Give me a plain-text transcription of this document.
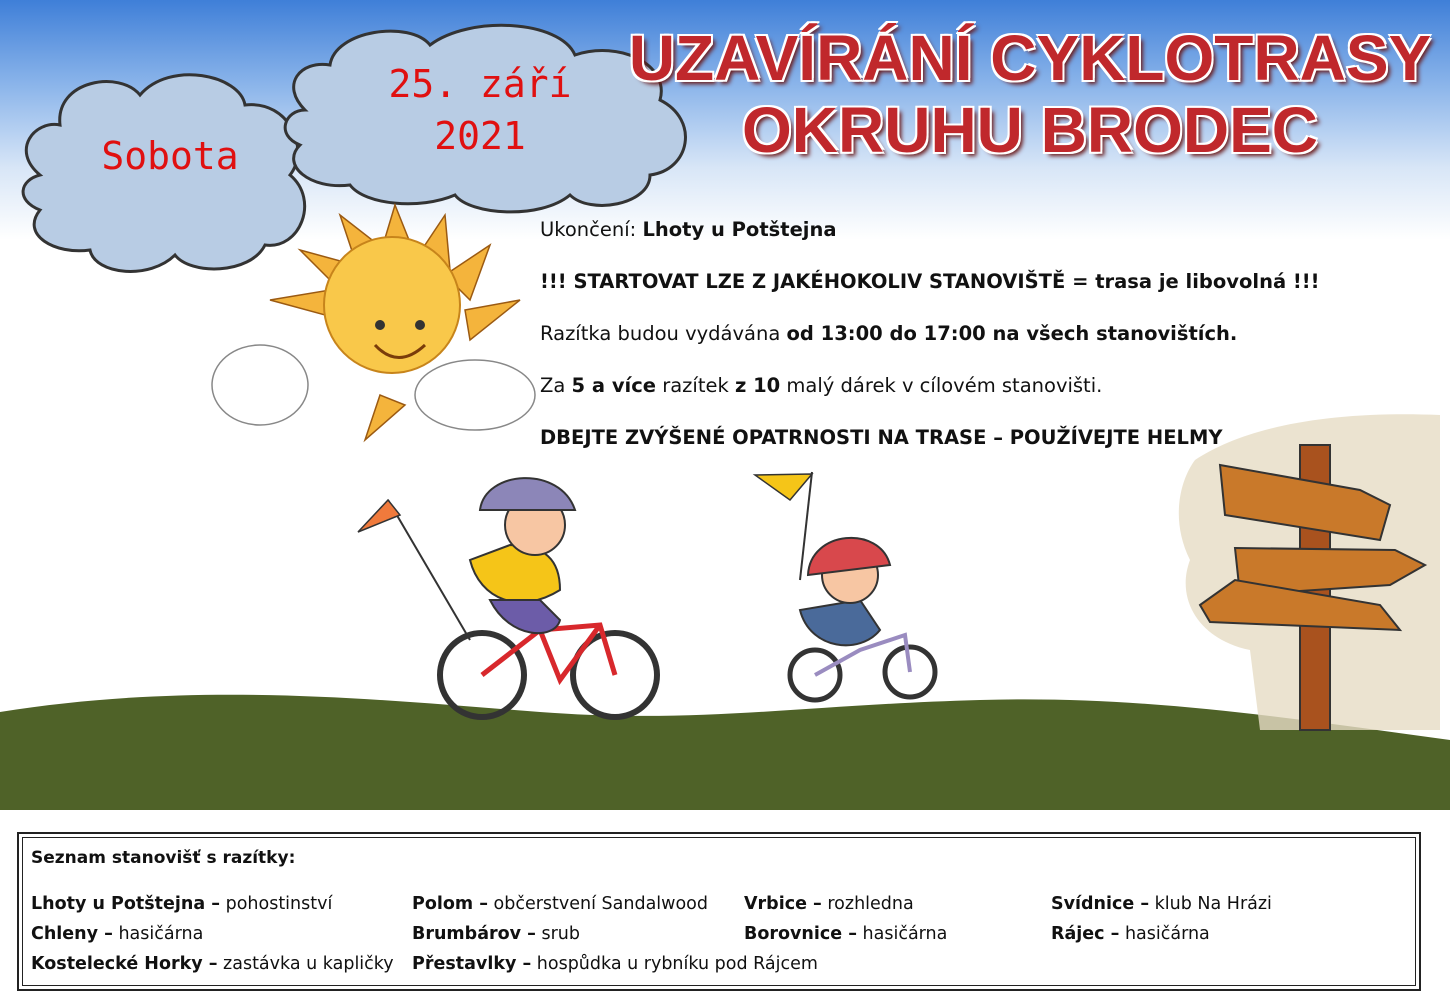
Sobota
25. září
2021
UZAVÍRÁNÍ CYKLOTRASY
OKRUHU BRODEC

Ukončení: Lhoty u Potštejna

!!! STARTOVAT LZE Z JAKÉHOKOLIV STANOVIŠTĚ = trasa je libovolná !!!

Razítka budou vydávána od 13:00 do 17:00 na všech stanovištích.

Za 5 a více razítek z 10 malý dárek v cílovém stanovišti.

DBEJTE ZVÝŠENÉ OPATRNOSTI NA TRASE – POUŽÍVEJTE HELMY

Seznam stanovišť s razítky:
Lhoty u Potštejna – pohostinství
Chleny – hasičárna
Kostelecké Horky – zastávka u kapličky
Polom – občerstvení Sandalwood
Brumbárov – srub
Přestavlky – hospůdka u rybníku pod Rájcem
Vrbice – rozhledna
Borovnice – hasičárna
Svídnice – klub Na Hrázi
Rájec – hasičárna
